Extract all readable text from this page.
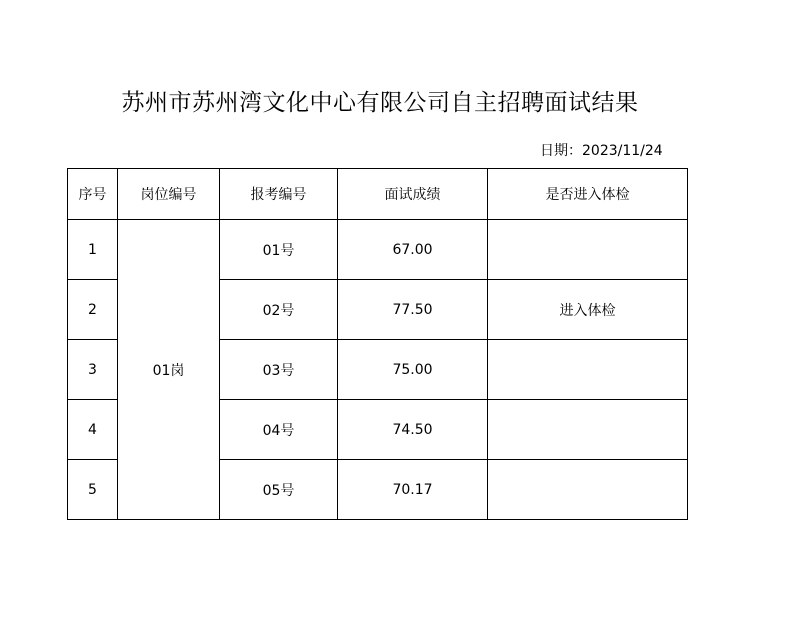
苏州市苏州湾文化中心有限公司自主招聘面试结果
日期：2023/11/24
序号	岗位编号	报考编号	面试成绩	是否进入体检
1	01岗	01号	67.00	
2		02号	77.50	进入体检
3		03号	75.00	
4		04号	74.50	
5		05号	70.17	
